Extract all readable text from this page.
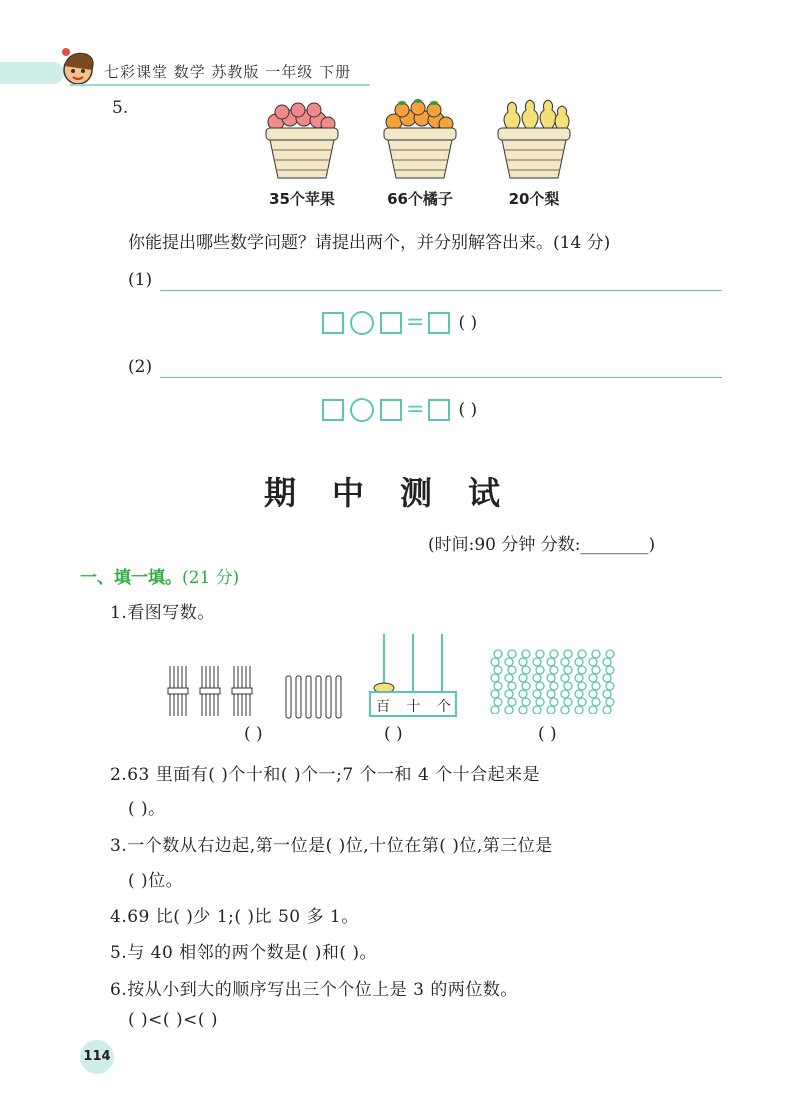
七彩课堂 数学 苏教版 一年级 下册
5.
35个苹果	66个橘子	20个梨
你能提出哪些数学问题？请提出两个，并分别解答出来。(14 分)
(1)
= ( )
(2)
= ( )
期中测试
(时间:90 分钟 分数:________)
一、填一填。(21 分)
1.看图写数。
百 十 个
( )	( )	( )
2.63 里面有( )个十和( )个一;7 个一和 4 个十合起来是
( )。
3.一个数从右边起,第一位是( )位,十位在第( )位,第三位是
( )位。
4.69 比( )少 1;( )比 50 多 1。
5.与 40 相邻的两个数是( )和( )。
6.按从小到大的顺序写出三个个位上是 3 的两位数。
( )<( )<( )
114
